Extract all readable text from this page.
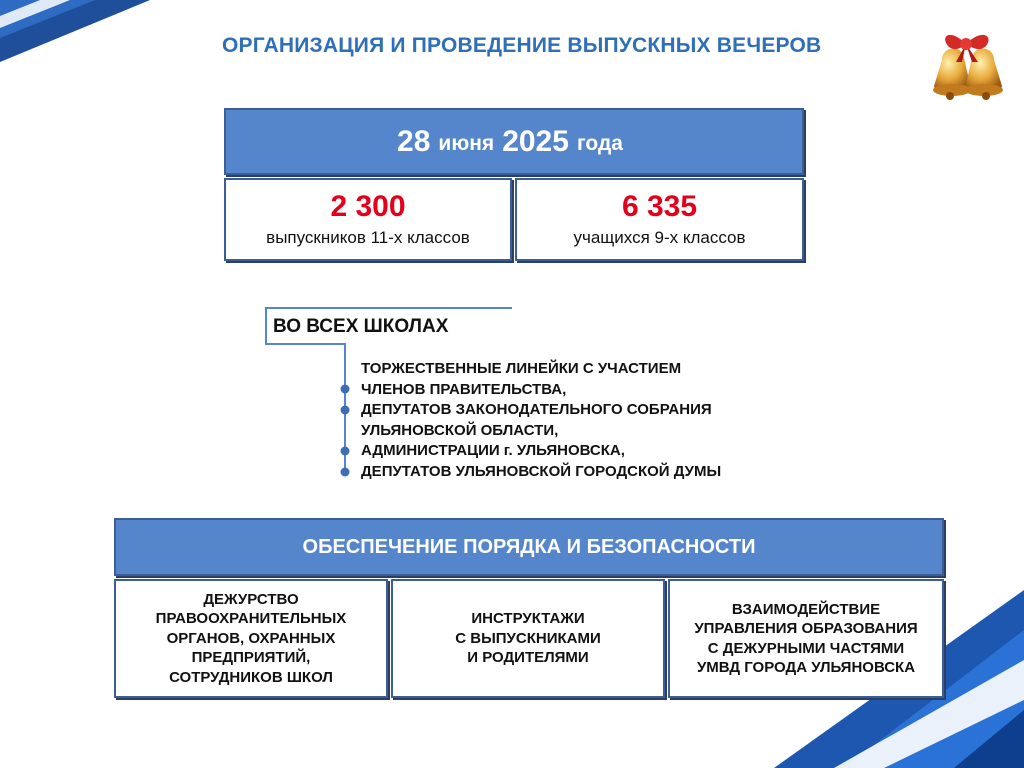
ОРГАНИЗАЦИЯ И ПРОВЕДЕНИЕ ВЫПУСКНЫХ ВЕЧЕРОВ
28 июня 2025 года
2 300
выпускников 11-х классов
6 335
учащихся 9-х классов
ВО ВСЕХ ШКОЛАХ
ТОРЖЕСТВЕННЫЕ ЛИНЕЙКИ С УЧАСТИЕМ
ЧЛЕНОВ ПРАВИТЕЛЬСТВА,
ДЕПУТАТОВ ЗАКОНОДАТЕЛЬНОГО СОБРАНИЯ
УЛЬЯНОВСКОЙ ОБЛАСТИ,
АДМИНИСТРАЦИИ г. УЛЬЯНОВСКА,
ДЕПУТАТОВ УЛЬЯНОВСКОЙ ГОРОДСКОЙ ДУМЫ
ОБЕСПЕЧЕНИЕ ПОРЯДКА И БЕЗОПАСНОСТИ
ДЕЖУРСТВО
ПРАВООХРАНИТЕЛЬНЫХ
ОРГАНОВ, ОХРАННЫХ
ПРЕДПРИЯТИЙ,
СОТРУДНИКОВ ШКОЛ
ИНСТРУКТАЖИ
С ВЫПУСКНИКАМИ
И РОДИТЕЛЯМИ
ВЗАИМОДЕЙСТВИЕ
УПРАВЛЕНИЯ ОБРАЗОВАНИЯ
С ДЕЖУРНЫМИ ЧАСТЯМИ
УМВД ГОРОДА УЛЬЯНОВСКА
